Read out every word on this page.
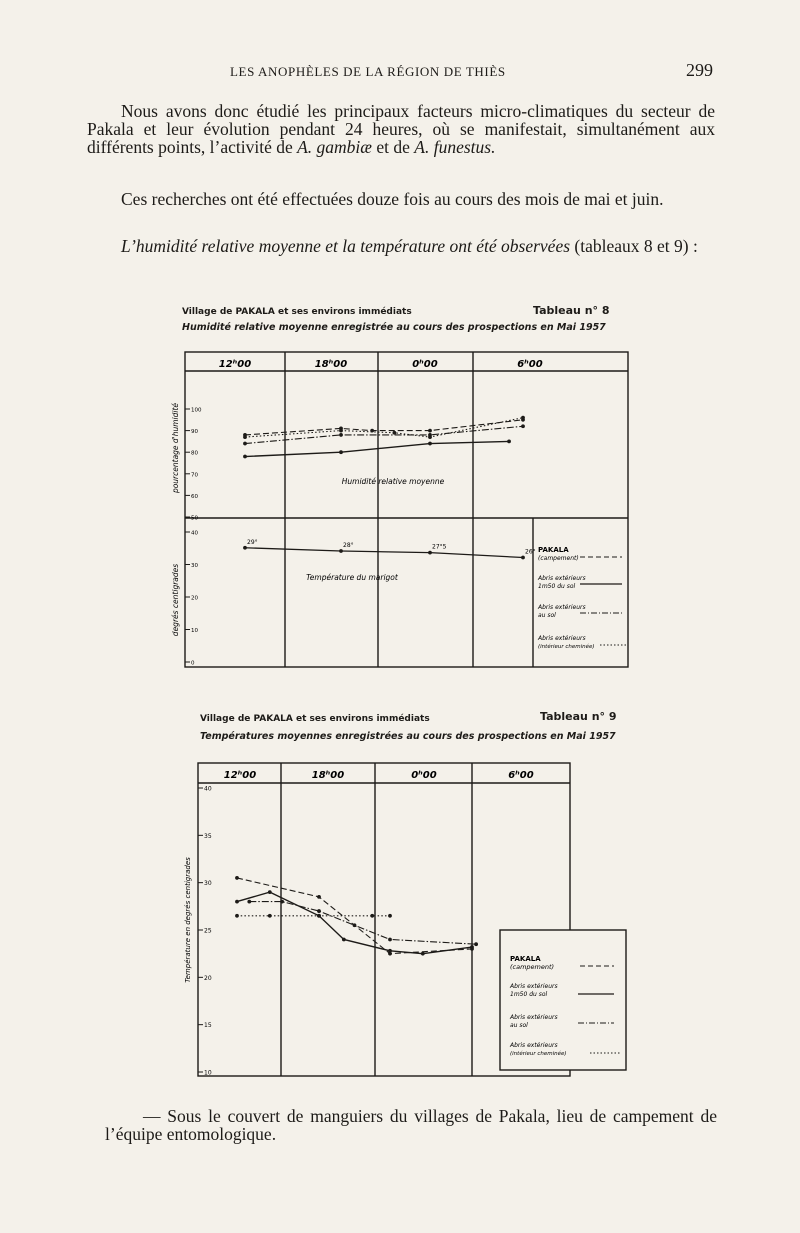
LES ANOPHÈLES DE LA RÉGION DE THIÈS	299

Nous avons donc étudié les principaux facteurs micro-climatiques du secteur de Pakala et leur évolution pendant 24 heures, où se manifestait, simultanément aux différents points, l’activité de A. gambiæ et de A. funestus.

Ces recherches ont été effectuées douze fois au cours des mois de mai et juin.

L’humidité relative moyenne et la température ont été observées (tableaux 8 et 9) :

Village de PAKALA et ses environs immédiats	Tableau n° 8
Humidité relative moyenne enregistrée au cours des prospections en Mai 1957
Village de PAKALA et ses environs immédiats	Tableau n° 9
Températures moyennes enregistrées au cours des prospections en Mai 1957
12ʰ00	18ʰ00	0ʰ00	6ʰ00
pourcentage d'humidité
degrés centigrades
100
90
80
70
60
50
40
30
20
10
0
29°	28°	27°5
26°
Humidité relative moyenne
Température du marigot
PAKALA
(campement)
Abris extérieurs
1m50 du sol
Abris extérieurs
au sol
Abris extérieurs
(intérieur cheminée)
12ʰ00	18ʰ00	0ʰ00	6ʰ00
Température en degrés centigrades
40
35
30
25
20
15
10
PAKALA
(campement)
Abris extérieurs
1m50 du sol
Abris extérieurs
au sol
Abris extérieurs
(intérieur cheminée)

— Sous le couvert de manguiers du villages de Pakala, lieu de campement de l’équipe entomologique.
